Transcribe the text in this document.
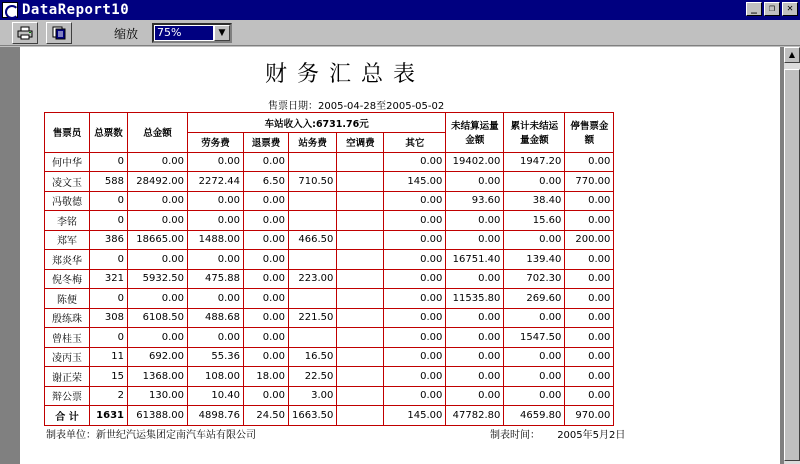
DataReport10	_	❐	✕
缩放 75%	▼
财务汇总表
售票日期：2005-04-28至2005-05-02
售票员	总票数	总金额	车站收入入:6731.76元					未结算运量金额	累计未结运量金额	停售票金额
			劳务费	退票费	站务费	空调费	其它			
何中华	0	0.00	0.00	0.00			0.00	19402.00	1947.20	0.00
凌文玉	588	28492.00	2272.44	6.50	710.50		145.00	0.00	0.00	770.00
冯敬德	0	0.00	0.00	0.00			0.00	93.60	38.40	0.00
李铭	0	0.00	0.00	0.00			0.00	0.00	15.60	0.00
郑军	386	18665.00	1488.00	0.00	466.50		0.00	0.00	0.00	200.00
郑炎华	0	0.00	0.00	0.00			0.00	16751.40	139.40	0.00
倪冬梅	321	5932.50	475.88	0.00	223.00		0.00	0.00	702.30	0.00
陈便	0	0.00	0.00	0.00			0.00	11535.80	269.60	0.00
殷练珠	308	6108.50	488.68	0.00	221.50		0.00	0.00	0.00	0.00
曾桂玉	0	0.00	0.00	0.00			0.00	0.00	1547.50	0.00
凌丙玉	11	692.00	55.36	0.00	16.50		0.00	0.00	0.00	0.00
谢正荣	15	1368.00	108.00	18.00	22.50		0.00	0.00	0.00	0.00
辩公票	2	130.00	10.40	0.00	3.00		0.00	0.00	0.00	0.00
合 计	1631	61388.00	4898.76	24.50	1663.50		145.00	47782.80	4659.80	970.00
制表单位：新世纪汽运集团定南汽车站有限公司	制表时间： 2005年5月2日
▲
